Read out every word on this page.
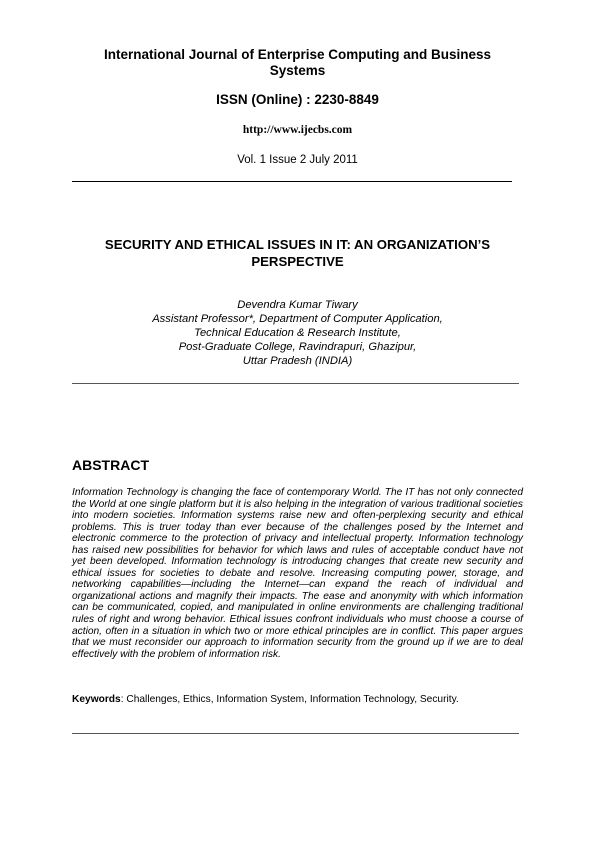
International Journal of Enterprise Computing and Business Systems
ISSN (Online) : 2230-8849
http://www.ijecbs.com
Vol. 1 Issue 2 July 2011
SECURITY AND ETHICAL ISSUES IN IT: AN ORGANIZATION’S PERSPECTIVE
Devendra Kumar Tiwary
Assistant Professor*, Department of Computer Application,
Technical Education & Research Institute,
Post-Graduate College, Ravindrapuri, Ghazipur,
Uttar Pradesh (INDIA)
ABSTRACT
Information Technology is changing the face of contemporary World. The IT has not only connected the World at one single platform but it is also helping in the integration of various traditional societies into modern societies. Information systems raise new and often-perplexing security and ethical problems. This is truer today than ever because of the challenges posed by the Internet and electronic commerce to the protection of privacy and intellectual property. Information technology has raised new possibilities for behavior for which laws and rules of acceptable conduct have not yet been developed. Information technology is introducing changes that create new security and ethical issues for societies to debate and resolve. Increasing computing power, storage, and networking capabilities—including the Internet—can expand the reach of individual and organizational actions and magnify their impacts. The ease and anonymity with which information can be communicated, copied, and manipulated in online environments are challenging traditional rules of right and wrong behavior. Ethical issues confront individuals who must choose a course of action, often in a situation in which two or more ethical principles are in conflict. This paper argues that we must reconsider our approach to information security from the ground up if we are to deal effectively with the problem of information risk.
Keywords: Challenges, Ethics, Information System, Information Technology, Security.
